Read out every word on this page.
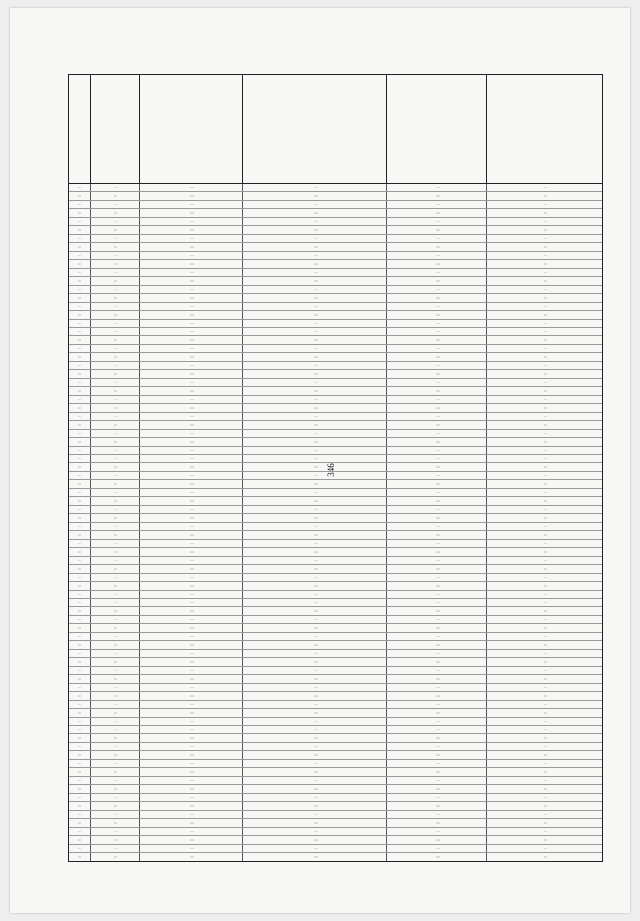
346
